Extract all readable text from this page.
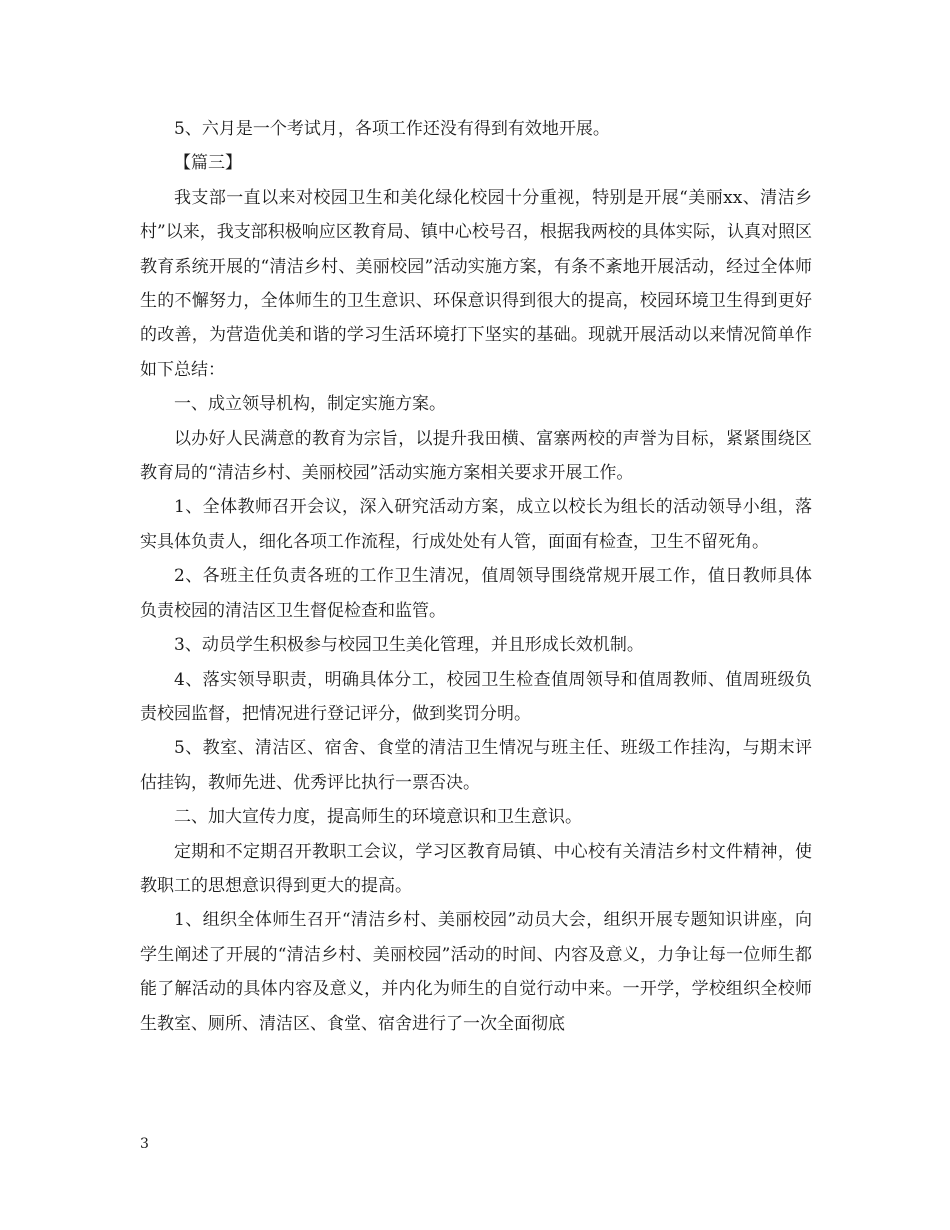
5、六月是一个考试月，各项工作还没有得到有效地开展。

【篇三】

我支部一直以来对校园卫生和美化绿化校园十分重视，特别是开展“美丽xx、清洁乡村”以来，我支部积极响应区教育局、镇中心校号召，根据我两校的具体实际，认真对照区教育系统开展的“清洁乡村、美丽校园”活动实施方案，有条不紊地开展活动，经过全体师生的不懈努力，全体师生的卫生意识、环保意识得到很大的提高，校园环境卫生得到更好的改善，为营造优美和谐的学习生活环境打下坚实的基础。现就开展活动以来情况简单作如下总结：

一、成立领导机构，制定实施方案。

以办好人民满意的教育为宗旨，以提升我田横、富寨两校的声誉为目标，紧紧围绕区教育局的“清洁乡村、美丽校园”活动实施方案相关要求开展工作。

1、全体教师召开会议，深入研究活动方案，成立以校长为组长的活动领导小组，落实具体负责人，细化各项工作流程，行成处处有人管，面面有检查，卫生不留死角。

2、各班主任负责各班的工作卫生清况，值周领导围绕常规开展工作，值日教师具体负责校园的清洁区卫生督促检查和监管。

3、动员学生积极参与校园卫生美化管理，并且形成长效机制。

4、落实领导职责，明确具体分工，校园卫生检查值周领导和值周教师、值周班级负责校园监督，把情况进行登记评分，做到奖罚分明。

5、教室、清洁区、宿舍、食堂的清洁卫生情况与班主任、班级工作挂沟，与期末评估挂钩，教师先进、优秀评比执行一票否决。

二、加大宣传力度，提高师生的环境意识和卫生意识。

定期和不定期召开教职工会议，学习区教育局镇、中心校有关清洁乡村文件精神，使教职工的思想意识得到更大的提高。

1、组织全体师生召开“清洁乡村、美丽校园”动员大会，组织开展专题知识讲座，向学生阐述了开展的“清洁乡村、美丽校园”活动的时间、内容及意义，力争让每一位师生都能了解活动的具体内容及意义，并内化为师生的自觉行动中来。一开学，学校组织全校师生教室、厕所、清洁区、食堂、宿舍进行了一次全面彻底

3
